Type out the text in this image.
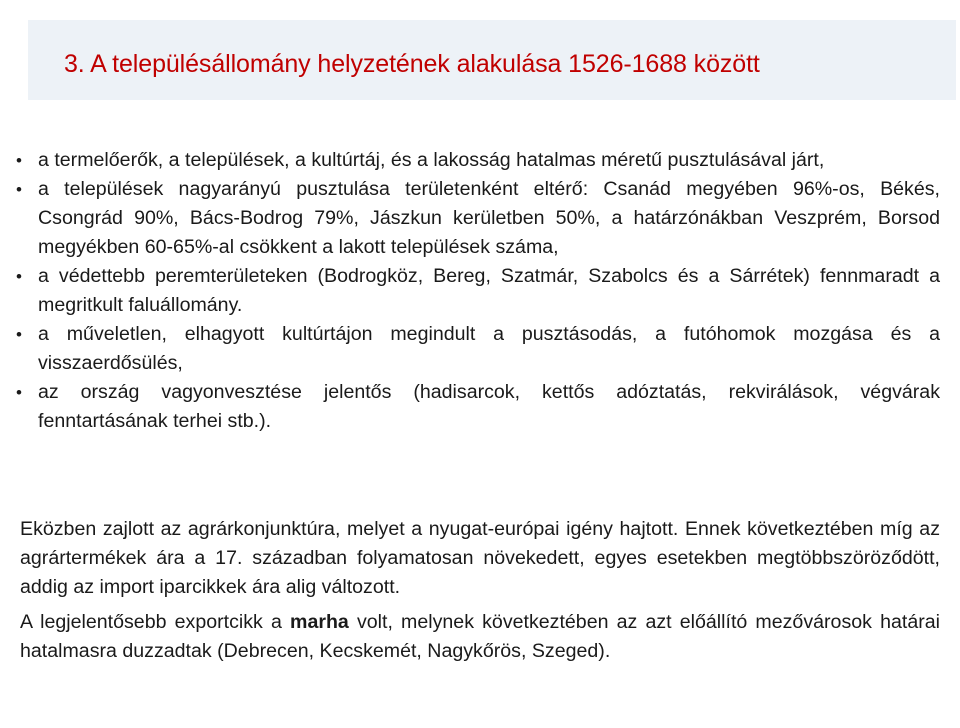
3. A településállomány helyzetének alakulása 1526-1688 között
• a termelőerők, a települések, a kultúrtáj, és a lakosság hatalmas méretű pusztulásával járt,
• a települések nagyarányú pusztulása területenként eltérő: Csanád megyében 96%-os, Békés, Csongrád 90%, Bács-Bodrog 79%, Jászkun kerületben 50%, a határzónákban Veszprém, Borsod megyékben 60-65%-al csökkent a lakott települések száma,
• a védettebb peremterületeken (Bodrogköz, Bereg, Szatmár, Szabolcs és a Sárrétek) fennmaradt a megritkult faluállomány.
• a műveletlen, elhagyott kultúrtájon megindult a pusztásodás, a futóhomok mozgása és a visszaerdősülés,
• az ország vagyonvesztése jelentős (hadisarcok, kettős adóztatás, rekvirálások, végvárak fenntartásának terhei stb.).

Eközben zajlott az agrárkonjunktúra, melyet a nyugat-európai igény hajtott. Ennek következtében míg az agrártermékek ára a 17. században folyamatosan növekedett, egyes esetekben megtöbbszöröződött, addig az import iparcikkek ára alig változott.

A legjelentősebb exportcikk a marha volt, melynek következtében az azt előállító mezővárosok határai hatalmasra duzzadtak (Debrecen, Kecskemét, Nagykőrös, Szeged).
